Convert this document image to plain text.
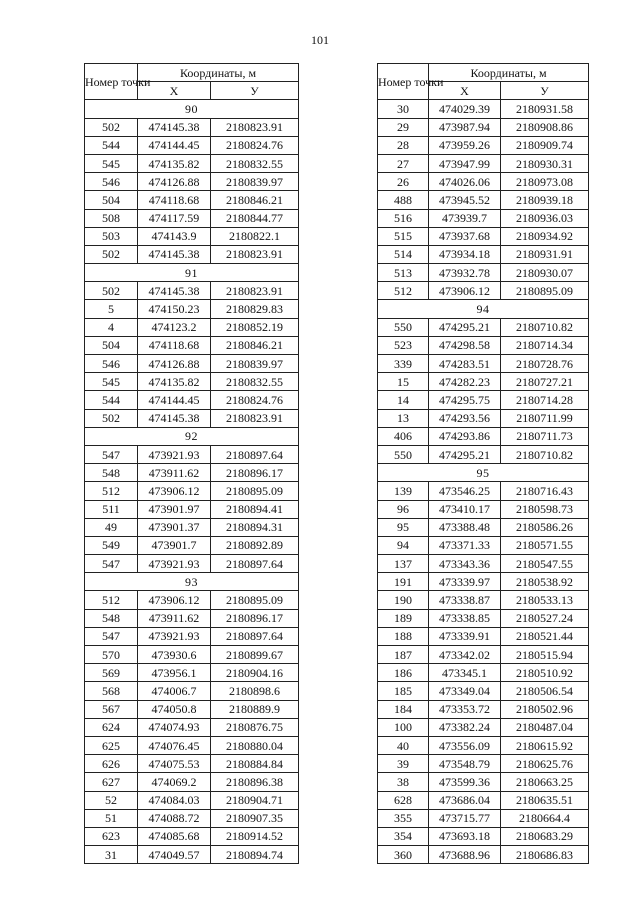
101
Номер точки	Координаты, м	
	X	У
90		
502	474145.38	2180823.91
544	474144.45	2180824.76
545	474135.82	2180832.55
546	474126.88	2180839.97
504	474118.68	2180846.21
508	474117.59	2180844.77
503	474143.9	2180822.1
502	474145.38	2180823.91
91		
502	474145.38	2180823.91
5	474150.23	2180829.83
4	474123.2	2180852.19
504	474118.68	2180846.21
546	474126.88	2180839.97
545	474135.82	2180832.55
544	474144.45	2180824.76
502	474145.38	2180823.91
92		
547	473921.93	2180897.64
548	473911.62	2180896.17
512	473906.12	2180895.09
511	473901.97	2180894.41
49	473901.37	2180894.31
549	473901.7	2180892.89
547	473921.93	2180897.64
93		
512	473906.12	2180895.09
548	473911.62	2180896.17
547	473921.93	2180897.64
570	473930.6	2180899.67
569	473956.1	2180904.16
568	474006.7	2180898.6
567	474050.8	2180889.9
624	474074.93	2180876.75
625	474076.45	2180880.04
626	474075.53	2180884.84
627	474069.2	2180896.38
52	474084.03	2180904.71
51	474088.72	2180907.35
623	474085.68	2180914.52
31	474049.57	2180894.74
Номер точки	Координаты, м	
	X	У
30	474029.39	2180931.58
29	473987.94	2180908.86
28	473959.26	2180909.74
27	473947.99	2180930.31
26	474026.06	2180973.08
488	473945.52	2180939.18
516	473939.7	2180936.03
515	473937.68	2180934.92
514	473934.18	2180931.91
513	473932.78	2180930.07
512	473906.12	2180895.09
94		
550	474295.21	2180710.82
523	474298.58	2180714.34
339	474283.51	2180728.76
15	474282.23	2180727.21
14	474295.75	2180714.28
13	474293.56	2180711.99
406	474293.86	2180711.73
550	474295.21	2180710.82
95		
139	473546.25	2180716.43
96	473410.17	2180598.73
95	473388.48	2180586.26
94	473371.33	2180571.55
137	473343.36	2180547.55
191	473339.97	2180538.92
190	473338.87	2180533.13
189	473338.85	2180527.24
188	473339.91	2180521.44
187	473342.02	2180515.94
186	473345.1	2180510.92
185	473349.04	2180506.54
184	473353.72	2180502.96
100	473382.24	2180487.04
40	473556.09	2180615.92
39	473548.79	2180625.76
38	473599.36	2180663.25
628	473686.04	2180635.51
355	473715.77	2180664.4
354	473693.18	2180683.29
360	473688.96	2180686.83
